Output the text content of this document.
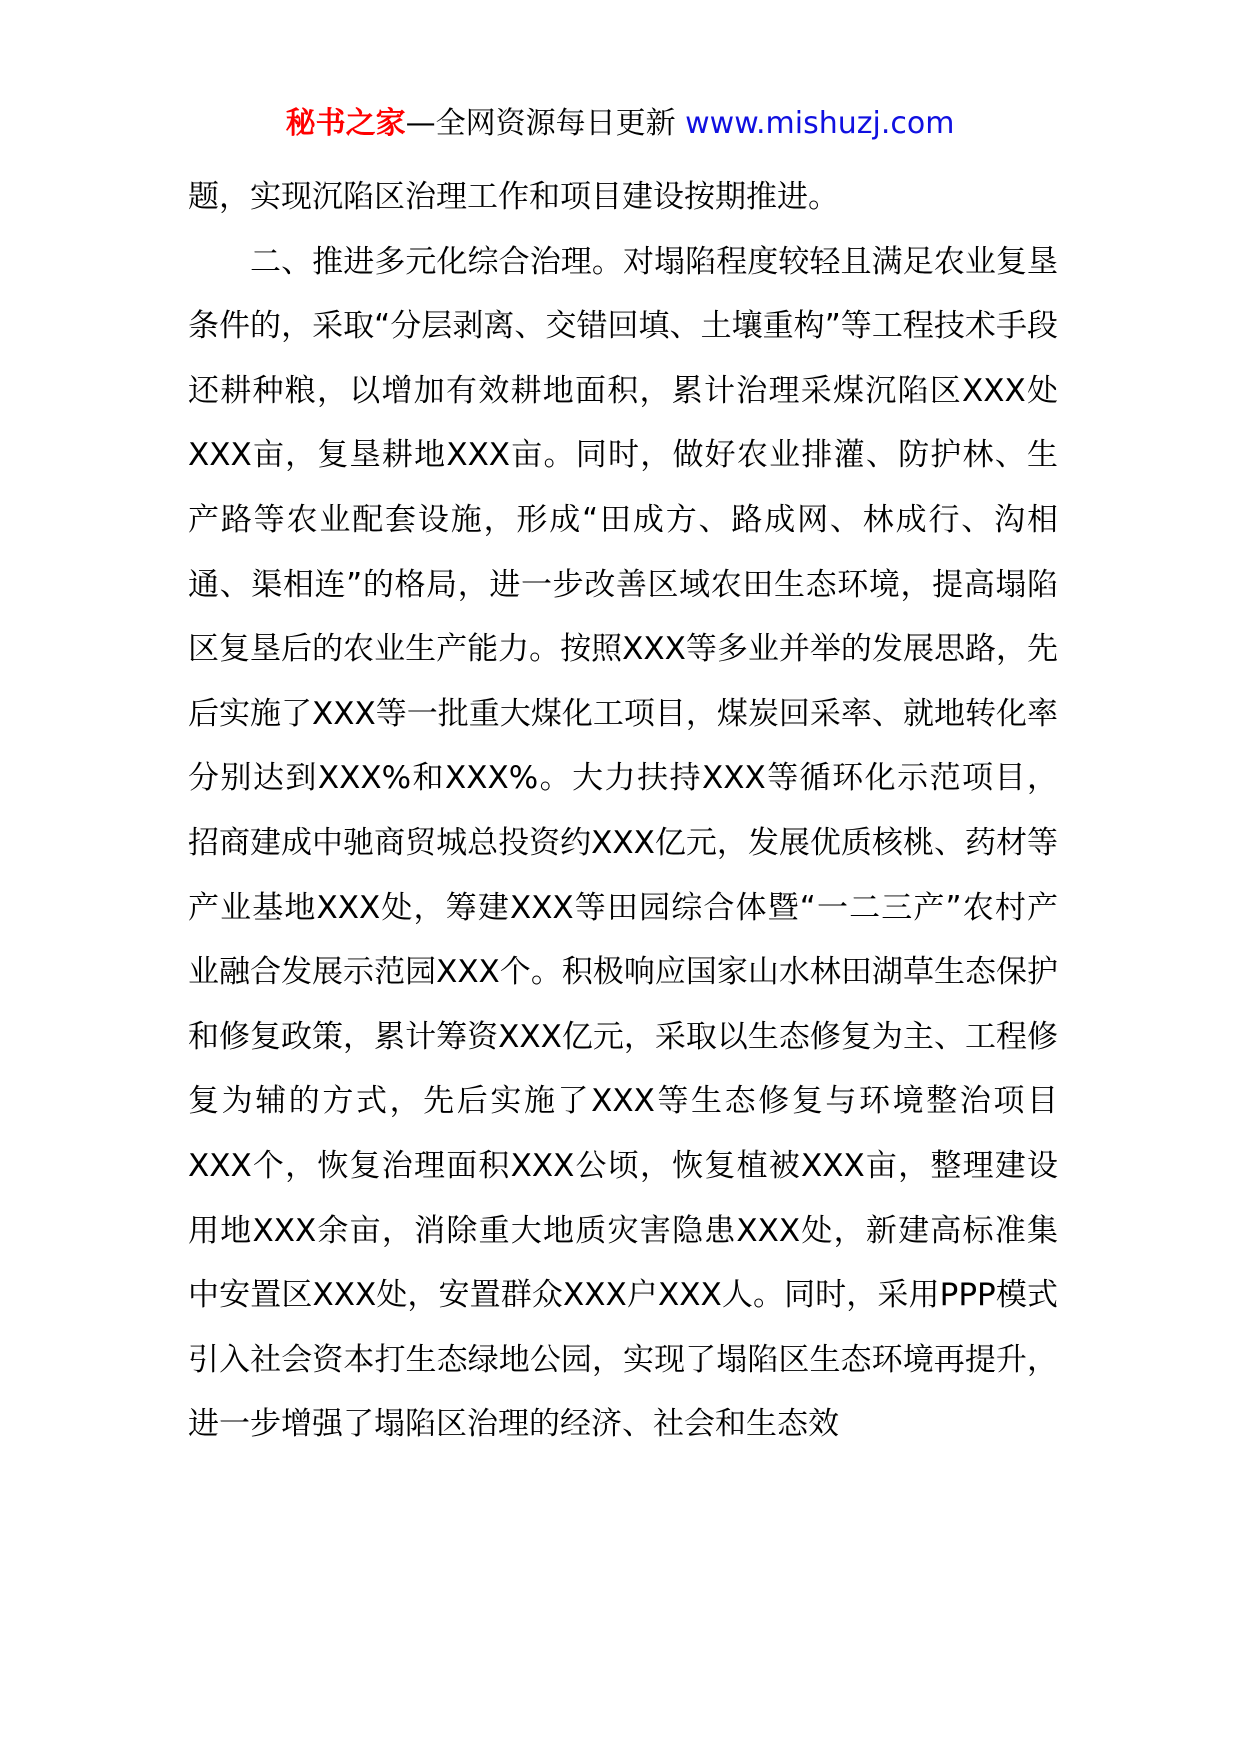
秘书之家—全网资源每日更新 www.mishuzj.com

题，实现沉陷区治理工作和项目建设按期推进。

二、推进多元化综合治理。对塌陷程度较轻且满足农业复垦条件的，采取“分层剥离、交错回填、土壤重构”等工程技术手段还耕种粮，以增加有效耕地面积，累计治理采煤沉陷区XXX处XXX亩，复垦耕地XXX亩。同时，做好农业排灌、防护林、生产路等农业配套设施，形成“田成方、路成网、林成行、沟相通、渠相连”的格局，进一步改善区域农田生态环境，提高塌陷区复垦后的农业生产能力。按照XXX等多业并举的发展思路，先后实施了XXX等一批重大煤化工项目，煤炭回采率、就地转化率分别达到XXX%和XXX%。大力扶持XXX等循环化示范项目，招商建成中驰商贸城总投资约XXX亿元，发展优质核桃、药材等产业基地XXX处，筹建XXX等田园综合体暨“一二三产”农村产业融合发展示范园XXX个。积极响应国家山水林田湖草生态保护和修复政策，累计筹资XXX亿元，采取以生态修复为主、工程修复为辅的方式，先后实施了XXX等生态修复与环境整治项目XXX个，恢复治理面积XXX公顷，恢复植被XXX亩，整理建设用地XXX余亩，消除重大地质灾害隐患XXX处，新建高标准集中安置区XXX处，安置群众XXX户XXX人。同时，采用PPP模式引入社会资本打生态绿地公园，实现了塌陷区生态环境再提升，进一步增强了塌陷区治理的经济、社会和生态效
